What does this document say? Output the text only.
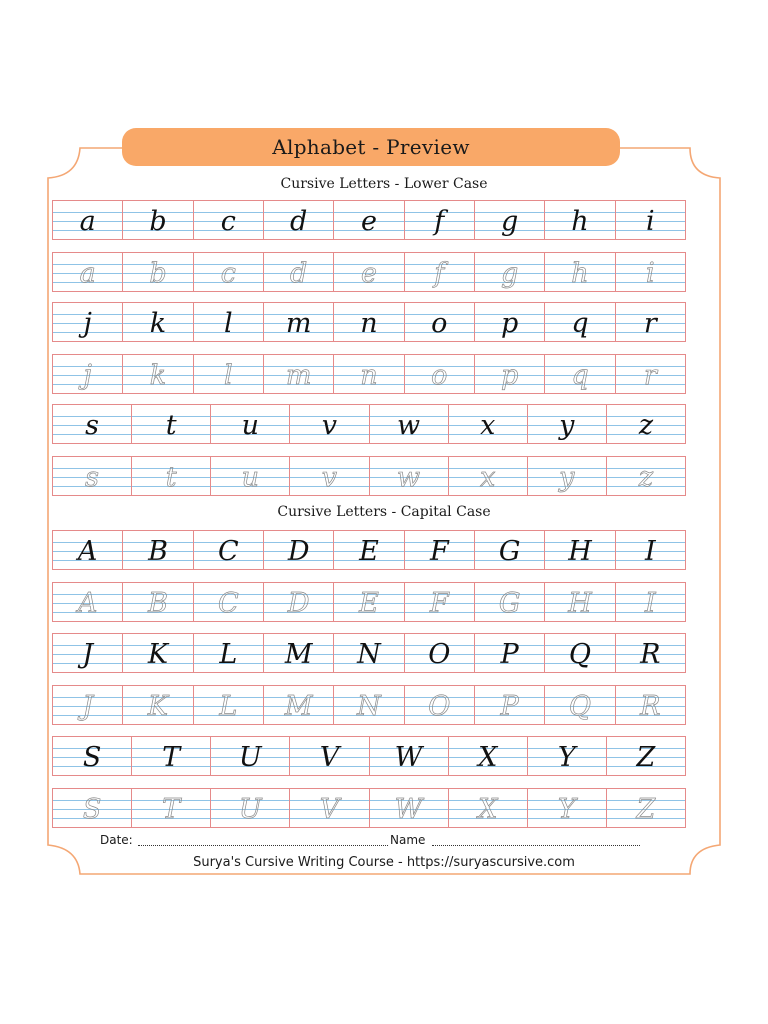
Alphabet - Preview
Cursive Letters - Lower Case
Cursive Letters - Capital Case
a b c d e f g h i
a b c d e f g h i
j k l m n o p q r
j k l m n o p q r
s t u v w x y z
s t u v w x y z
A B C D E F G H I
A B C D E F G H I
J K L M N O P Q R
J K L M N O P Q R
S T U V W X Y Z
S T U V W X Y Z
Date:	Name
Surya's Cursive Writing Course - https://suryascursive.com
